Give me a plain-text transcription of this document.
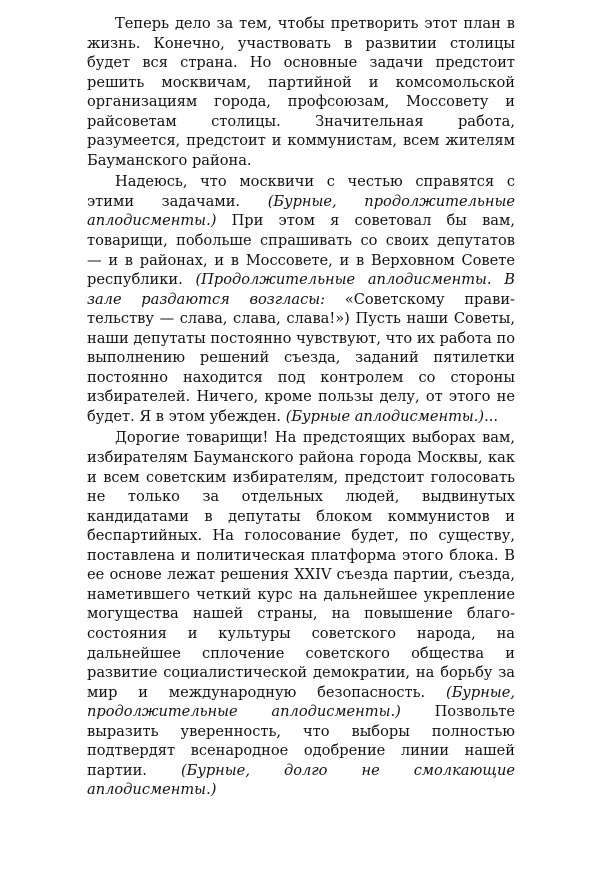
Теперь дело за тем, чтобы претворить этот план в жизнь. Конечно, участвовать в развитии столицы будет вся страна. Но основные задачи предстоит решить москвичам, партийной и комсомольской организациям города, профсоюзам, Моссовету и райсоветам столицы. Значительная работа, разумеется, предстоит и коммунистам, всем жителям Бауманского района.

Надеюсь, что москвичи с честью справятся с этими задачами. (Бурные, продолжительные аплодисменты.) При этом я советовал бы вам, товарищи, побольше спрашивать со своих депутатов — и в районах, и в Моссовете, и в Верховном Совете республики. (Продолжительные аплодисменты. В зале раздаются возгласы: «Советскому правительству — слава, слава, слава!») Пусть наши Советы, наши депутаты постоянно чувствуют, что их работа по выполнению решений съезда, заданий пятилетки постоянно находится под контролем со стороны избирателей. Ничего, кроме пользы делу, от этого не будет. Я в этом убежден. (Бурные аплодисменты.)...

Дорогие товарищи! На предстоящих выборах вам, избирателям Бауманского района города Москвы, как и всем советским избирателям, предстоит голосовать не только за отдельных людей, выдвинутых кандидатами в депутаты блоком коммунистов и беспартийных. На голосование будет, по существу, поставлена и политическая платформа этого блока. В ее основе лежат решения XXIV съезда партии, съезда, наметившего четкий курс на дальнейшее укрепление могущества нашей страны, на повышение благосостояния и культуры советского народа, на дальнейшее сплочение советского общества и развитие социалистической демократии, на борьбу за мир и международную безопасность. (Бурные, продолжительные аплодисменты.) Позвольте выразить уверенность, что выборы полностью подтвердят всенародное одобрение линии нашей партии. (Бурные, долго не смолкающие аплодисменты.)
